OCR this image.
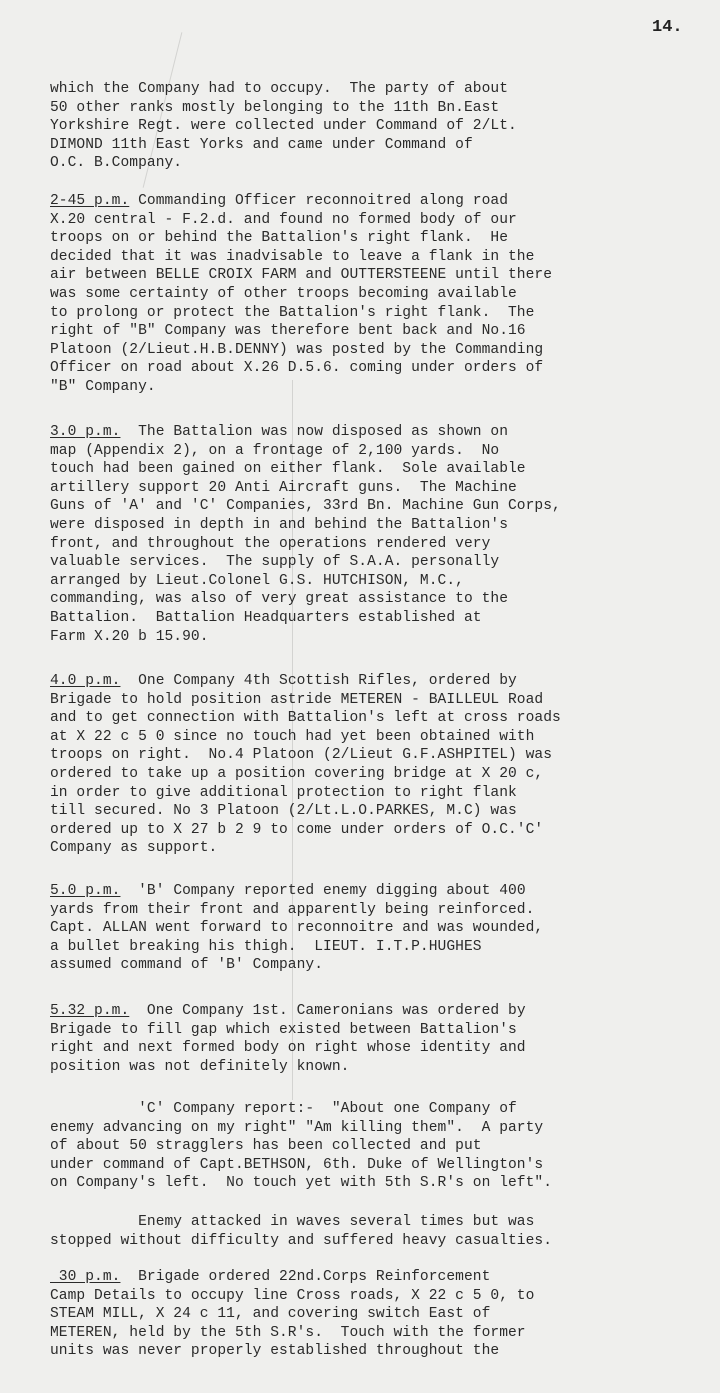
14.
which the Company had to occupy.  The party of about
50 other ranks mostly belonging to the 11th Bn.East
Yorkshire Regt. were collected under Command of 2/Lt.
DIMOND 11th East Yorks and came under Command of
O.C. B.Company.
2-45 p.m. Commanding Officer reconnoitred along road
X.20 central - F.2.d. and found no formed body of our
troops on or behind the Battalion's right flank.  He
decided that it was inadvisable to leave a flank in the
air between BELLE CROIX FARM and OUTTERSTEENE until there
was some certainty of other troops becoming available
to prolong or protect the Battalion's right flank.  The
right of "B" Company was therefore bent back and No.16
Platoon (2/Lieut.H.B.DENNY) was posted by the Commanding
Officer on road about X.26 D.5.6. coming under orders of
"B" Company.
3.0 p.m.  The Battalion was now disposed as shown on
map (Appendix 2), on a frontage of 2,100 yards.  No
touch had been gained on either flank.  Sole available
artillery support 20 Anti Aircraft guns.  The Machine
Guns of 'A' and 'C' Companies, 33rd Bn. Machine Gun Corps,
were disposed in depth in and behind the Battalion's
front, and throughout the operations rendered very
valuable services.  The supply of S.A.A. personally
arranged by Lieut.Colonel G.S. HUTCHISON, M.C.,
commanding, was also of very great assistance to the
Battalion.  Battalion Headquarters established at
Farm X.20 b 15.90.
4.0 p.m.  One Company 4th Scottish Rifles, ordered by
Brigade to hold position astride METEREN - BAILLEUL Road
and to get connection with Battalion's left at cross roads
at X 22 c 5 0 since no touch had yet been obtained with
troops on right.  No.4 Platoon (2/Lieut G.F.ASHPITEL) was
ordered to take up a position covering bridge at X 20 c,
in order to give additional protection to right flank
till secured. No 3 Platoon (2/Lt.L.O.PARKES, M.C) was
ordered up to X 27 b 2 9 to come under orders of O.C.'C'
Company as support.
5.0 p.m.  'B' Company reported enemy digging about 400
yards from their front and apparently being reinforced.
Capt. ALLAN went forward to reconnoitre and was wounded,
a bullet breaking his thigh.  LIEUT. I.T.P.HUGHES
assumed command of 'B' Company.
5.32 p.m.  One Company 1st. Cameronians was ordered by
Brigade to fill gap which existed between Battalion's
right and next formed body on right whose identity and
position was not definitely known.
'C' Company report:-  "About one Company of
enemy advancing on my right" "Am killing them".  A party
of about 50 stragglers has been collected and put
under command of Capt.BETHSON, 6th. Duke of Wellington's
on Company's left.  No touch yet with 5th S.R's on left".
Enemy attacked in waves several times but was
stopped without difficulty and suffered heavy casualties.
30 p.m.  Brigade ordered 22nd.Corps Reinforcement
Camp Details to occupy line Cross roads, X 22 c 5 0, to
STEAM MILL, X 24 c 11, and covering switch East of
METEREN, held by the 5th S.R's.  Touch with the former
units was never properly established throughout the
